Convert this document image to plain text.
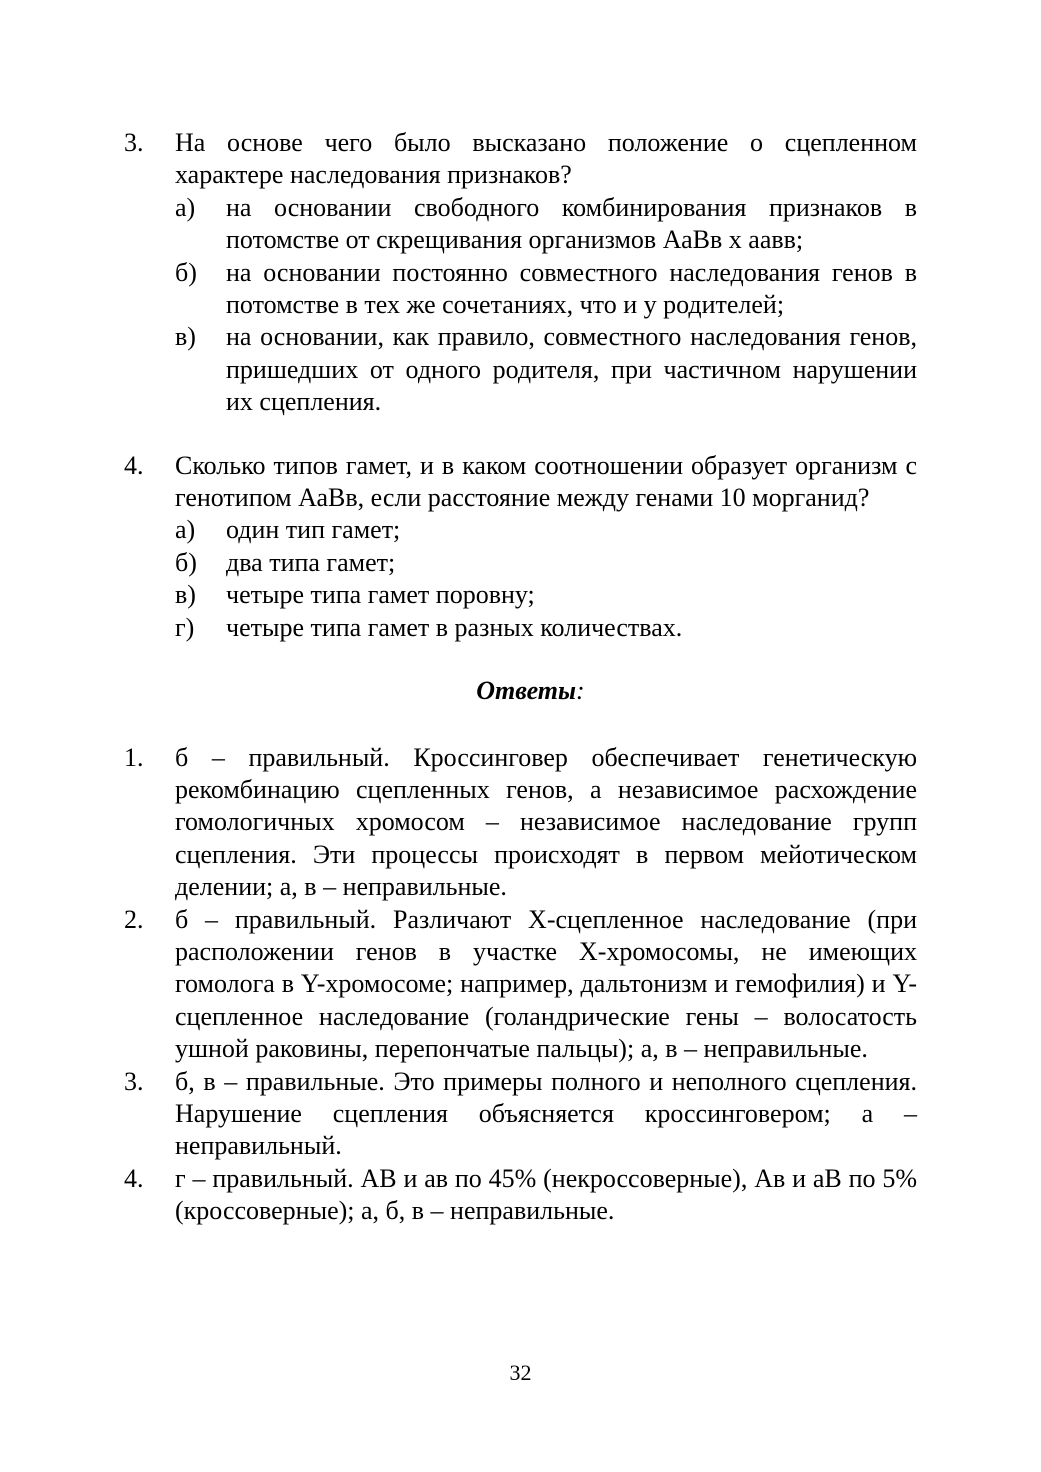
3. На основе чего было высказано положение о сцепленном характере наследования признаков?
а) на основании свободного комбинирования признаков в потомстве от скрещивания организмов АаВв х аавв;
б) на основании постоянно совместного наследования генов в потомстве в тех же сочетаниях, что и у родителей;
в) на основании, как правило, совместного наследования генов, пришедших от одного родителя, при частичном нарушении их сцепления.
4. Сколько типов гамет, и в каком соотношении образует организм с генотипом АаВв, если расстояние между генами 10 морганид?
а) один тип гамет;
б) два типа гамет;
в) четыре типа гамет поровну;
г) четыре типа гамет в разных количествах.
Ответы:
1. б – правильный. Кроссинговер обеспечивает генетическую рекомбинацию сцепленных генов, а независимое расхождение гомологичных хромосом – независимое наследование групп сцепления. Эти процессы происходят в первом мейотическом делении; а, в – неправильные.
2. б – правильный. Различают Х-сцепленное наследование (при расположении генов в участке Х-хромосомы, не имеющих гомолога в Y-хромосоме; например, дальтонизм и гемофилия) и Y-сцепленное наследование (голандрические гены – волосатость ушной раковины, перепончатые пальцы); а, в – неправильные.
3. б, в – правильные. Это примеры полного и неполного сцепления. Нарушение сцепления объясняется кроссинговером; а – неправильный.
4. г – правильный. АВ и ав по 45% (некроссоверные), Ав и аВ по 5% (кроссоверные); а, б, в – неправильные.
32
